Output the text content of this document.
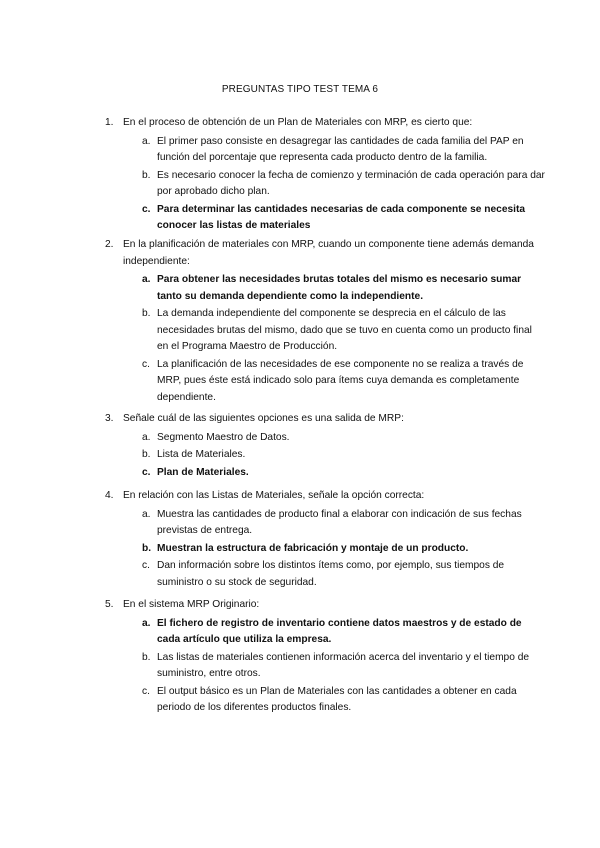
PREGUNTAS TIPO TEST TEMA 6
1. En el proceso de obtención de un Plan de Materiales con MRP, es cierto que:
a. El primer paso consiste en desagregar las cantidades de cada familia del PAP en función del porcentaje que representa cada producto dentro de la familia.
b. Es necesario conocer la fecha de comienzo y terminación de cada operación para dar por aprobado dicho plan.
c. Para determinar las cantidades necesarias de cada componente se necesita conocer las listas de materiales
2. En la planificación de materiales con MRP, cuando un componente tiene además demanda independiente:
a. Para obtener las necesidades brutas totales del mismo es necesario sumar tanto su demanda dependiente como la independiente.
b. La demanda independiente del componente se desprecia en el cálculo de las necesidades brutas del mismo, dado que se tuvo en cuenta como un producto final en el Programa Maestro de Producción.
c. La planificación de las necesidades de ese componente no se realiza a través de MRP, pues éste está indicado solo para ítems cuya demanda es completamente dependiente.
3. Señale cuál de las siguientes opciones es una salida de MRP:
a. Segmento Maestro de Datos.
b. Lista de Materiales.
c. Plan de Materiales.
4. En relación con las Listas de Materiales, señale la opción correcta:
a. Muestra las cantidades de producto final a elaborar con indicación de sus fechas previstas de entrega.
b. Muestran la estructura de fabricación y montaje de un producto.
c. Dan información sobre los distintos ítems como, por ejemplo, sus tiempos de suministro o su stock de seguridad.
5. En el sistema MRP Originario:
a. El fichero de registro de inventario contiene datos maestros y de estado de cada artículo que utiliza la empresa.
b. Las listas de materiales contienen información acerca del inventario y el tiempo de suministro, entre otros.
c. El output básico es un Plan de Materiales con las cantidades a obtener en cada periodo de los diferentes productos finales.
